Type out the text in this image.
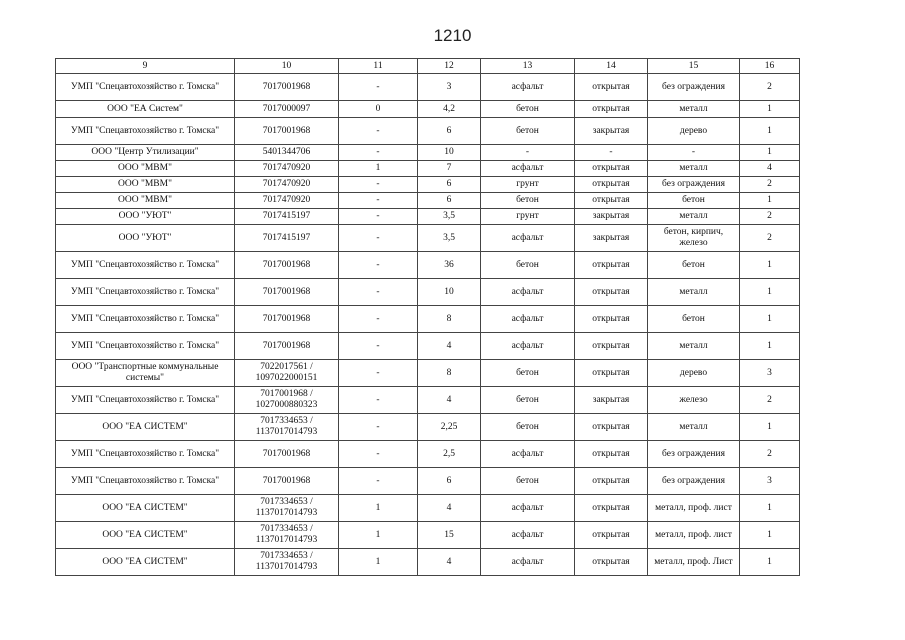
1210
9	10	11	12	13	14	15	16
УМП "Спецавтохозяйство г. Томска"	7017001968	-	3	асфальт	открытая	без ограждения	2
ООО "ЕА Систем"	7017000097	0	4,2	бетон	открытая	металл	1
УМП "Спецавтохозяйство г. Томска"	7017001968	-	6	бетон	закрытая	дерево	1
ООО "Центр Утилизации"	5401344706	-	10	-	-	-	1
ООО "МВМ"	7017470920	1	7	асфальт	открытая	металл	4
ООО "МВМ"	7017470920	-	6	грунт	открытая	без ограждения	2
ООО "МВМ"	7017470920	-	6	бетон	открытая	бетон	1
ООО "УЮТ"	7017415197	-	3,5	грунт	закрытая	металл	2
ООО "УЮТ"	7017415197	-	3,5	асфальт	закрытая	бетон, кирпич, железо	2
УМП "Спецавтохозяйство г. Томска"	7017001968	-	36	бетон	открытая	бетон	1
УМП "Спецавтохозяйство г. Томска"	7017001968	-	10	асфальт	открытая	металл	1
УМП "Спецавтохозяйство г. Томска"	7017001968	-	8	асфальт	открытая	бетон	1
УМП "Спецавтохозяйство г. Томска"	7017001968	-	4	асфальт	открытая	металл	1
ООО "Транспортные коммунальные системы"	7022017561 / 1097022000151	-	8	бетон	открытая	дерево	3
УМП "Спецавтохозяйство г. Томска"	7017001968 / 1027000880323	-	4	бетон	закрытая	железо	2
ООО "ЕА СИСТЕМ"	7017334653 / 1137017014793	-	2,25	бетон	открытая	металл	1
УМП "Спецавтохозяйство г. Томска"	7017001968	-	2,5	асфальт	открытая	без ограждения	2
УМП "Спецавтохозяйство г. Томска"	7017001968	-	6	бетон	открытая	без ограждения	3
ООО "ЕА СИСТЕМ"	7017334653 / 1137017014793	1	4	асфальт	открытая	металл, проф. лист	1
ООО "ЕА СИСТЕМ"	7017334653 / 1137017014793	1	15	асфальт	открытая	металл, проф. лист	1
ООО "ЕА СИСТЕМ"	7017334653 / 1137017014793	1	4	асфальт	открытая	металл, проф. Лист	1
